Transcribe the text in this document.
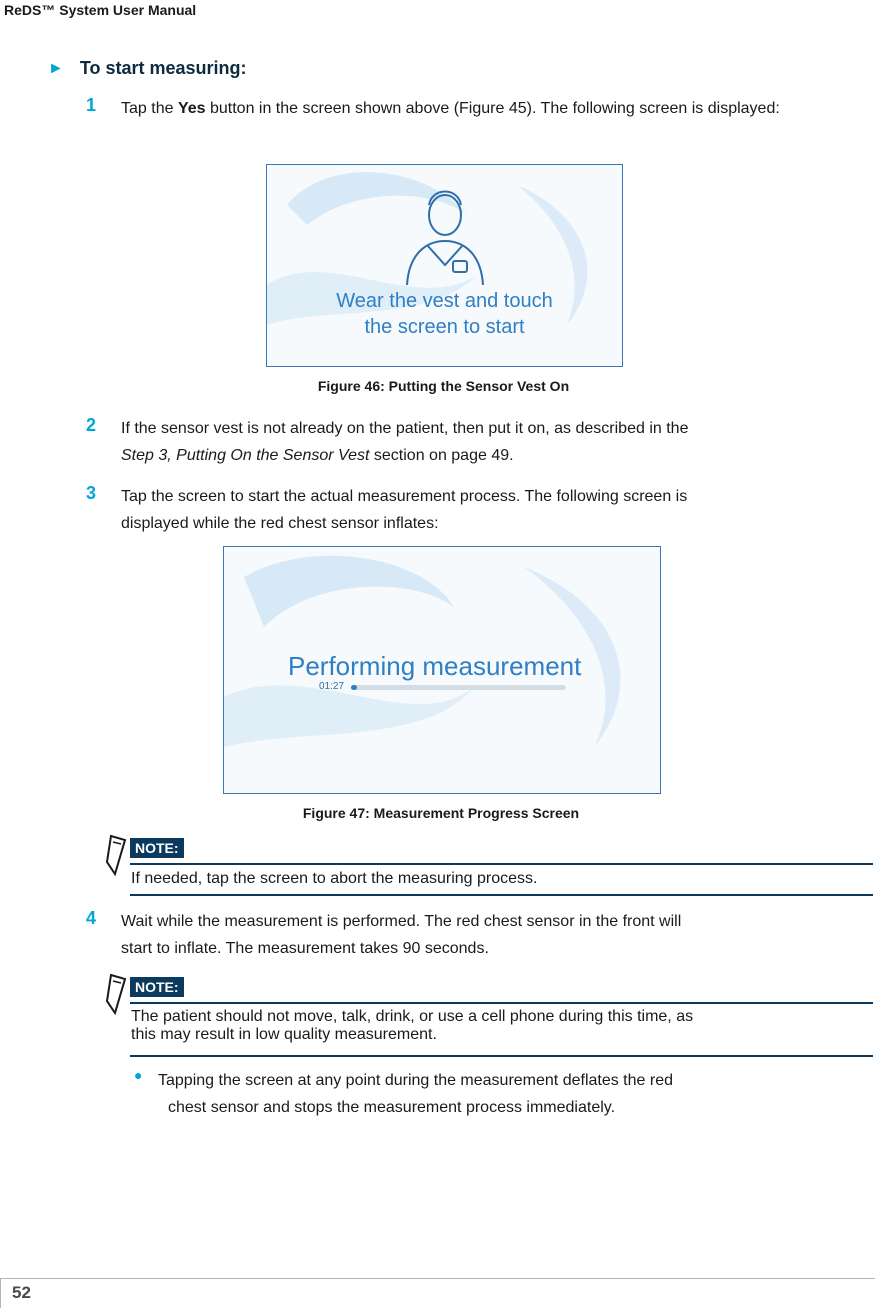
ReDS™ System User Manual
► To start measuring:
1 Tap the Yes button in the screen shown above (Figure 45). The following screen is displayed:
Wear the vest and touch
the screen to start
Figure 46: Putting the Sensor Vest On
2 If the sensor vest is not already on the patient, then put it on, as described in the
Step 3, Putting On the Sensor Vest section on page 49.
3 Tap the screen to start the actual measurement process. The following screen is
displayed while the red chest sensor inflates:
Performing measurement
01:27
Figure 47: Measurement Progress Screen
NOTE:
If needed, tap the screen to abort the measuring process.
4 Wait while the measurement is performed. The red chest sensor in the front will
start to inflate. The measurement takes 90 seconds.
NOTE:
The patient should not move, talk, drink, or use a cell phone during this time, as
this may result in low quality measurement.
● Tapping the screen at any point during the measurement deflates the red
chest sensor and stops the measurement process immediately.
52
